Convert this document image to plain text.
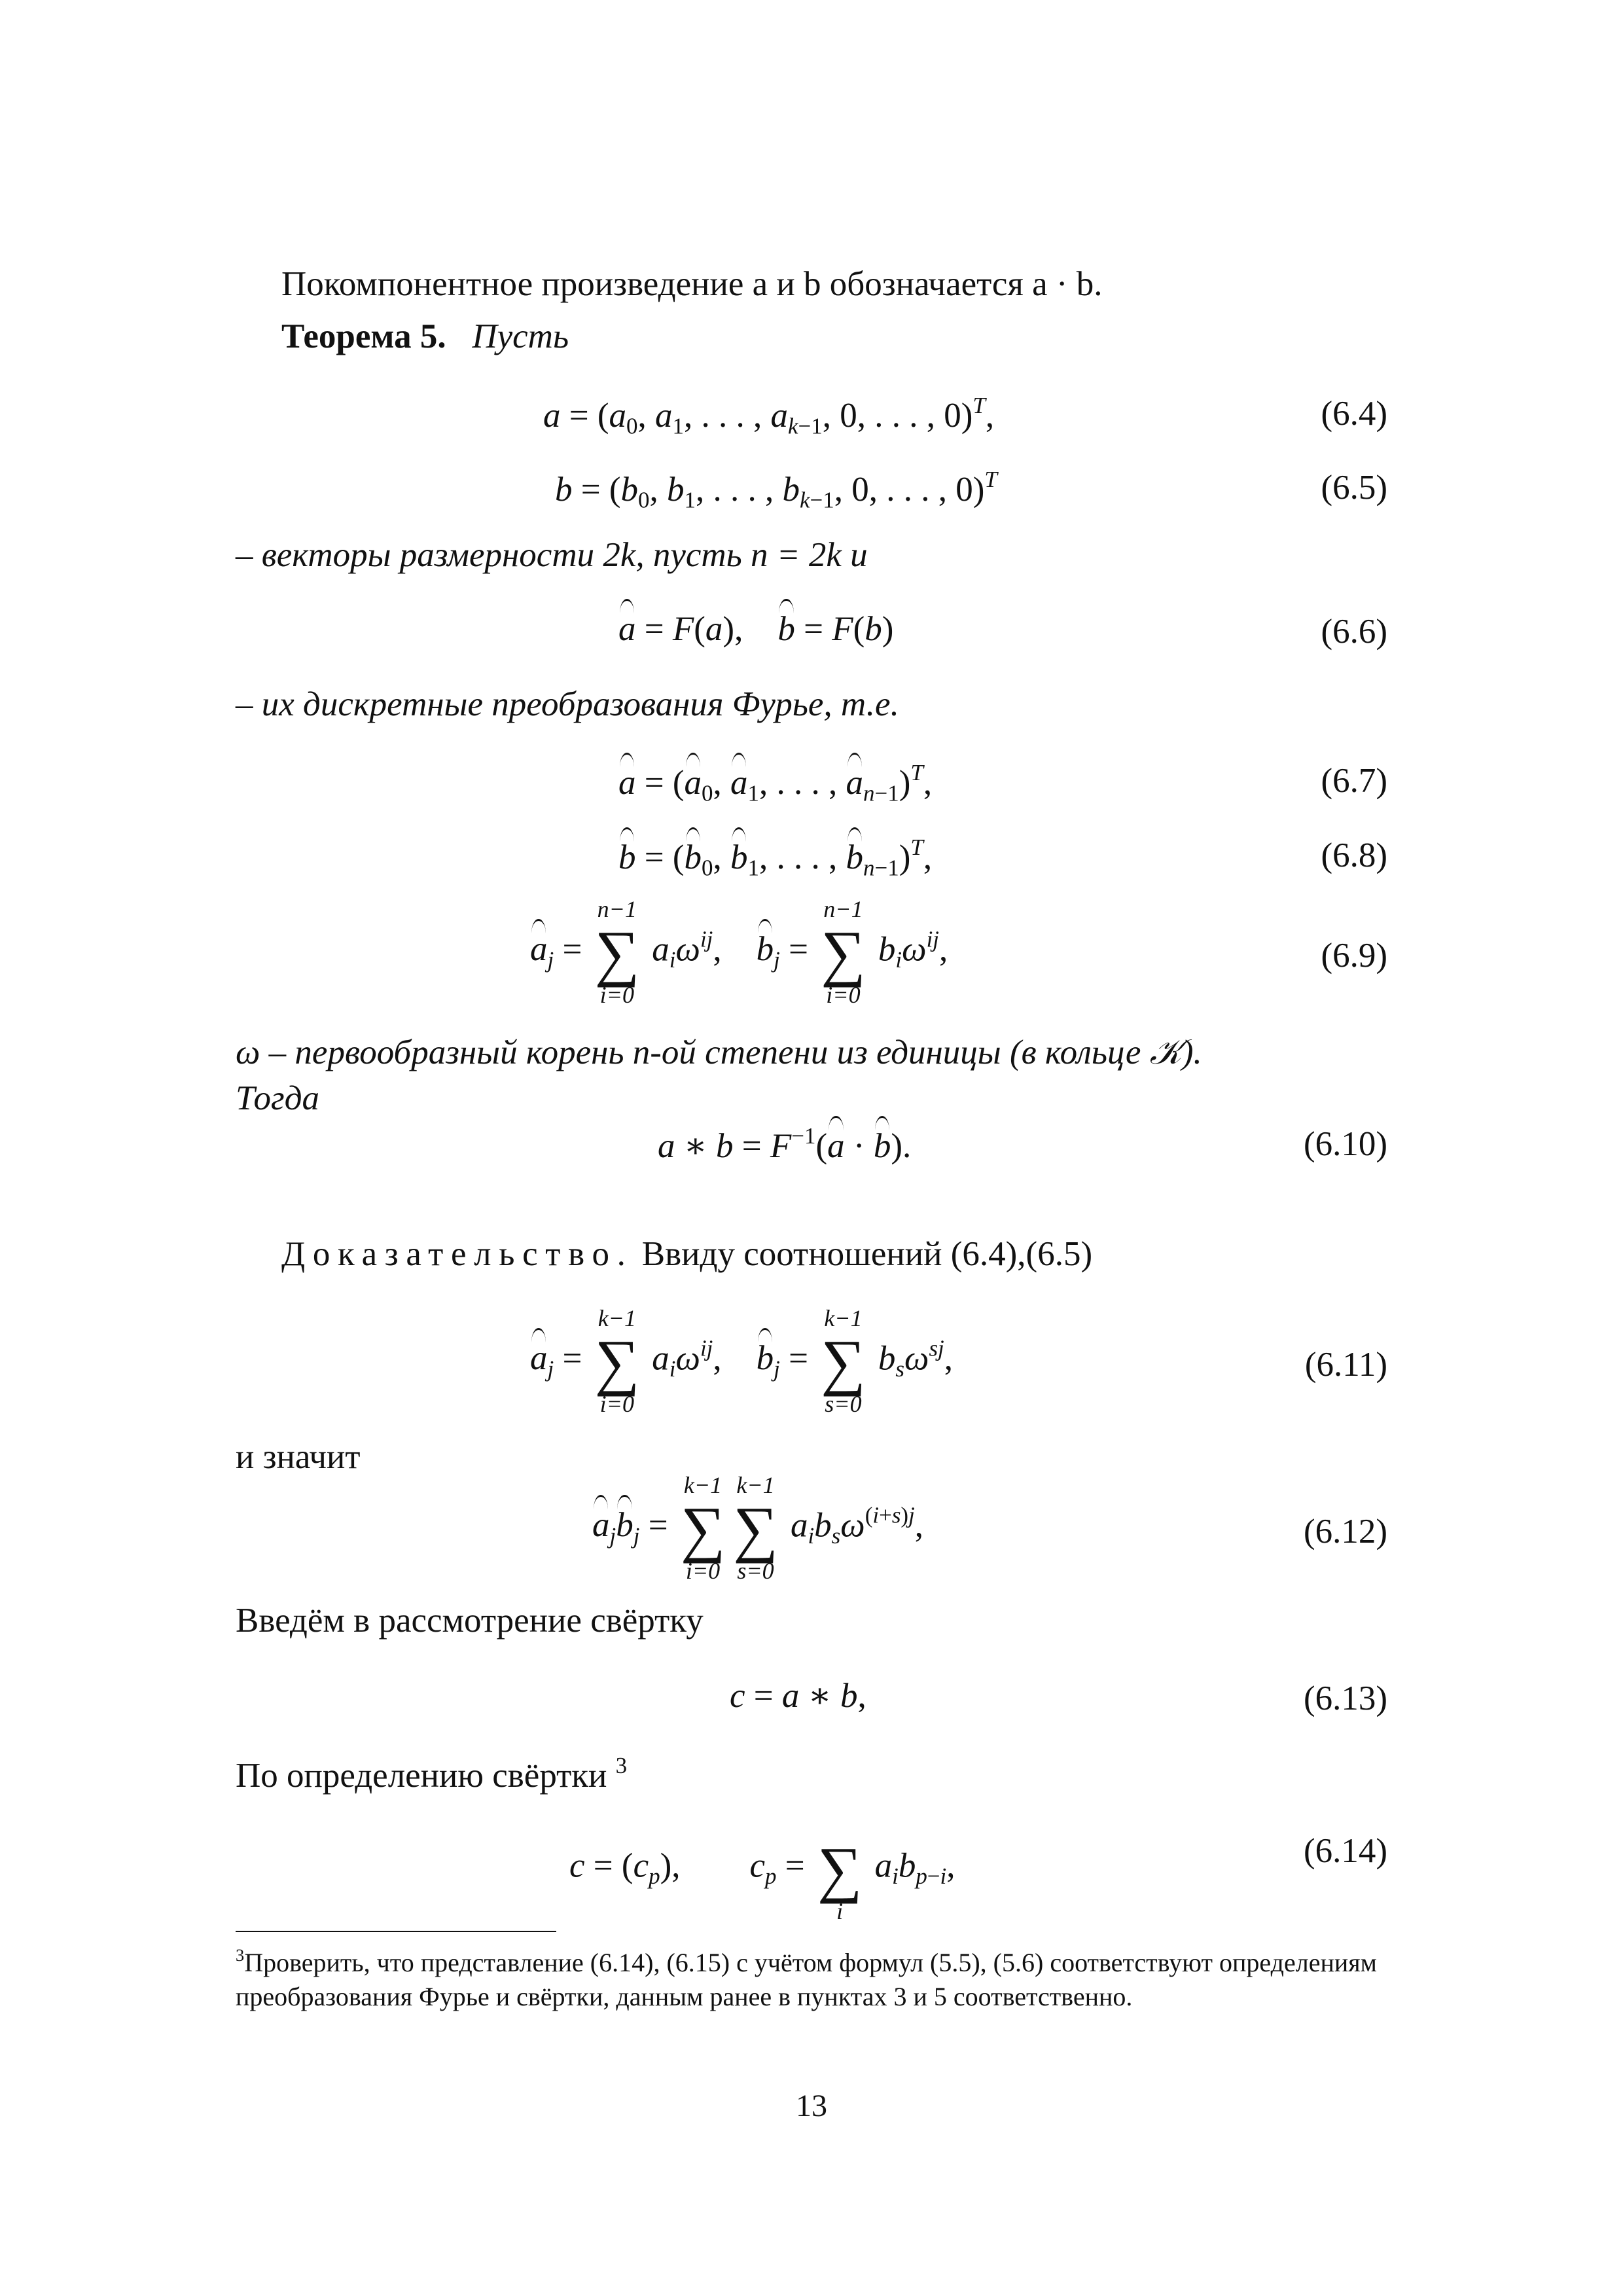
Покомпонентное произведение a и b обозначается a · b.
Теорема 5. Пусть
$a = (a_0$, $a_1$, . . . , $a_{k-1}$, 0, . . . , 0)$^T$,	(6.4)
$b = (b_0$, $b_1$, . . . , $b_{k-1}$, 0, . . . , 0)$^T$	(6.5)
– векторы размерности 2k, пусть n = 2k и
a = F(a),    b = F(b)	(6.6)
– их дискретные преобразования Фурье, т.е.
$a = (a_0$, $a_1$, . . . , $a_{n-1})^T$,	(6.7)
$b = (b_0$, $b_1$, . . . , $b_{n-1})^T$,	(6.8)
$a_j$ =
n−1
∑
i=0
$a_i\omega^{ij}$,    $b_j$ =
n−1
∑
i=0
$b_i\omega^{ij}$,	(6.9)
ω – первообразный корень n-ой степени из единицы (в кольце 𝒦).
Тогда
a ∗ $b = F^{-1}(a \cdot b)$.	(6.10)
Доказательство. Ввиду соотношений (6.4),(6.5)
$a_j$ =
k−1
∑
i=0
$a_i\omega^{ij}$,    $b_j$ =
k−1
∑
s=0
$b_s\omega^{sj}$,	(6.11)
и значит
$a_jb_j$ =
k−1
∑
i=0
k−1
∑
s=0
$a_ib_s\omega^{(i+s)j}$,	(6.12)
Введём в рассмотрение свёртку
c = a ∗ b,	(6.13)
По определению свёртки $^3$
$c = (c_p)$,        $c_p$ =
∑
i
$a_ib_{p-i}$,	(6.14)
$^3$Проверить, что представление (6.14), (6.15) с учётом формул (5.5), (5.6) соответствуют определениям преобразования Фурье и свёртки, данным ранее в пунктах 3 и 5 соответственно.
13
